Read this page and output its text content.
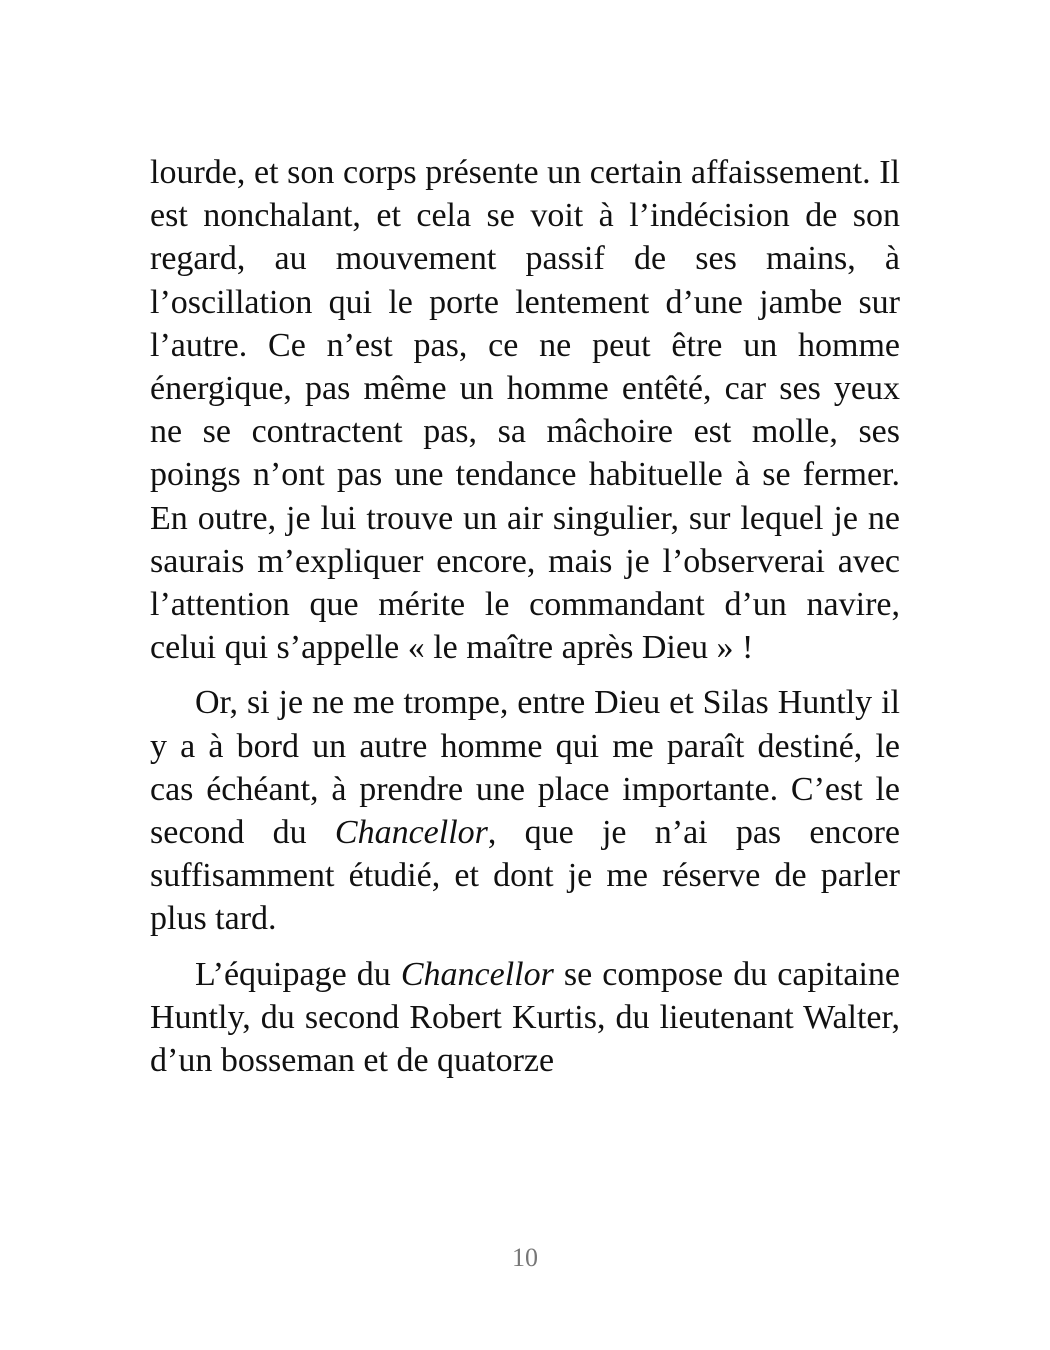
lourde, et son corps présente un certain affaissement. Il est nonchalant, et cela se voit à l’indécision de son regard, au mouvement passif de ses mains, à l’oscillation qui le porte lentement d’une jambe sur l’autre. Ce n’est pas, ce ne peut être un homme énergique, pas même un homme entêté, car ses yeux ne se contractent pas, sa mâchoire est molle, ses poings n’ont pas une tendance habituelle à se fermer. En outre, je lui trouve un air singulier, sur lequel je ne saurais m’expliquer encore, mais je l’observerai avec l’attention que mérite le commandant d’un navire, celui qui s’appelle « le maître après Dieu » !

Or, si je ne me trompe, entre Dieu et Silas Huntly il y a à bord un autre homme qui me paraît destiné, le cas échéant, à prendre une place importante. C’est le second du Chancellor, que je n’ai pas encore suffisamment étudié, et dont je me réserve de parler plus tard.

L’équipage du Chancellor se compose du capitaine Huntly, du second Robert Kurtis, du lieutenant Walter, d’un bosseman et de quatorze

10
